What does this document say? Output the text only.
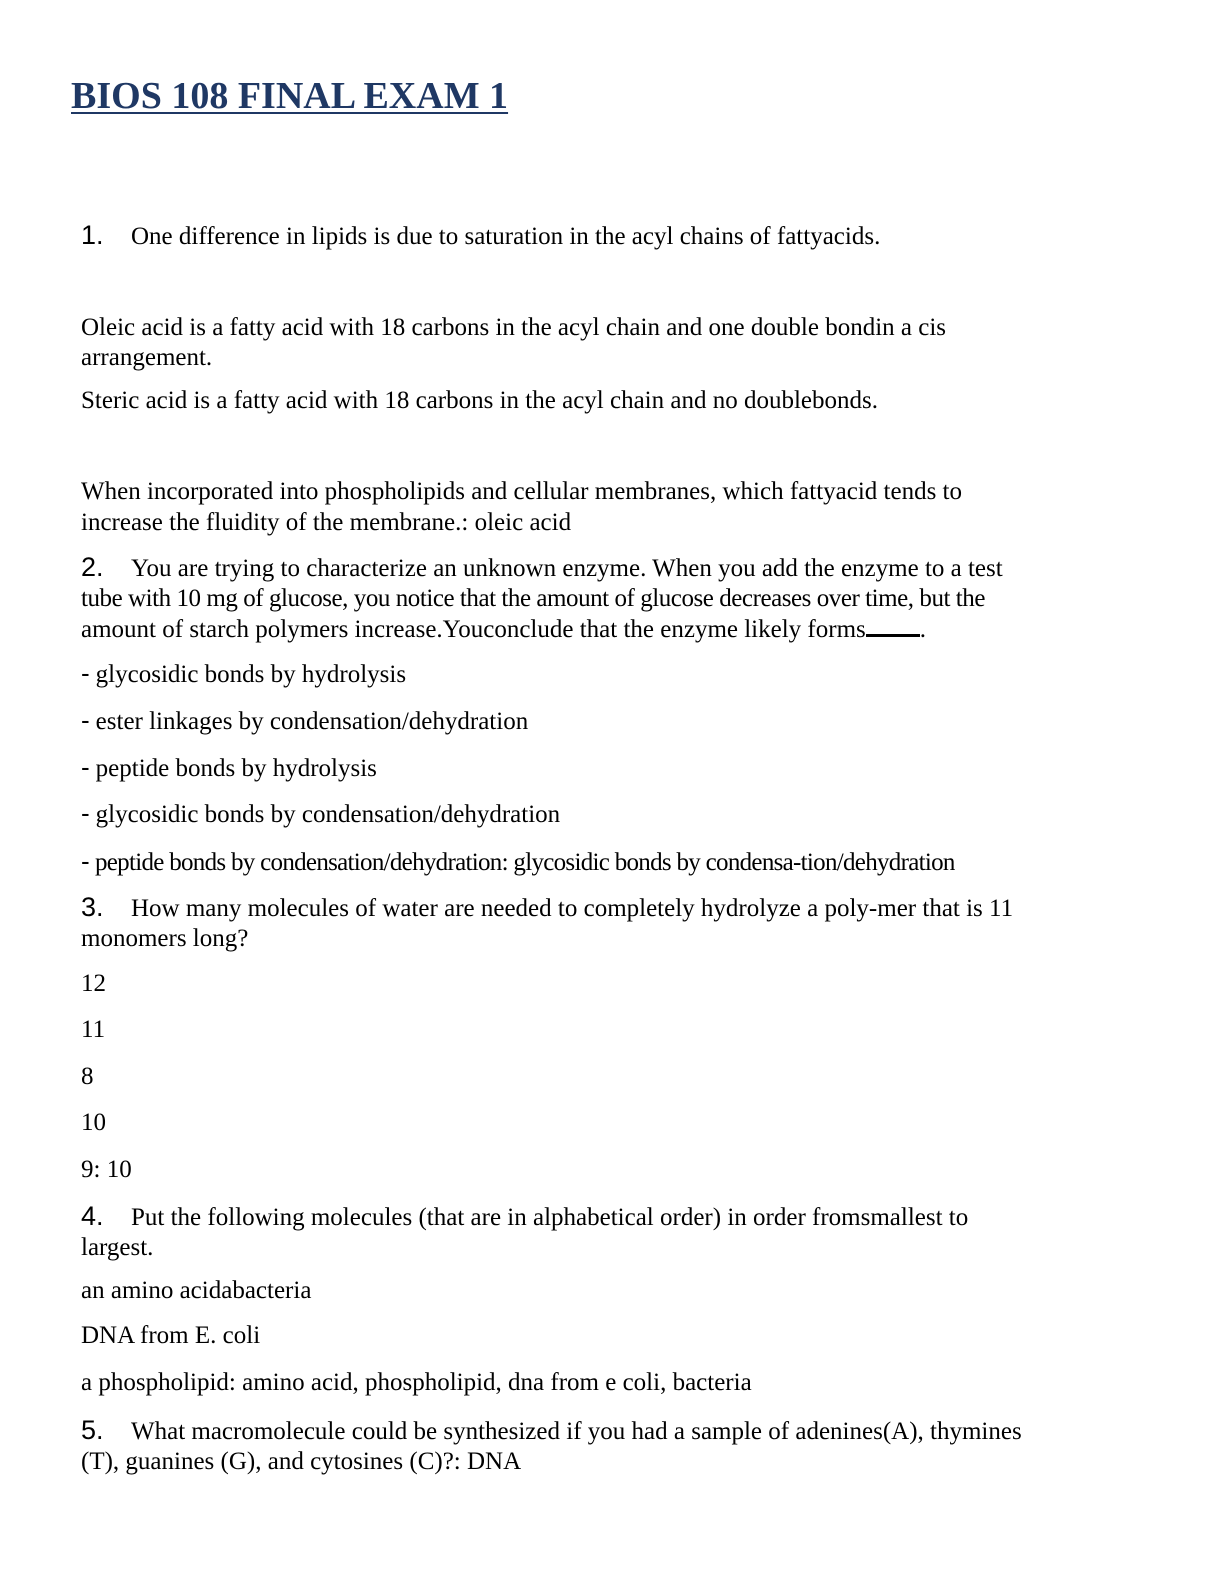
BIOS 108 FINAL EXAM 1

1. One difference in lipids is due to saturation in the acyl chains of fattyacids.

Oleic acid is a fatty acid with 18 carbons in the acyl chain and one double bondin a cis

arrangement.

Steric acid is a fatty acid with 18 carbons in the acyl chain and no doublebonds.

When incorporated into phospholipids and cellular membranes, which fattyacid tends to

increase the fluidity of the membrane.: oleic acid

2. You are trying to characterize an unknown enzyme. When you add the enzyme to a test

tube with 10 mg of glucose, you notice that the amount of glucose decreases over time, but the

amount of starch polymers increase.Youconclude that the enzyme likely forms .

- glycosidic bonds by hydrolysis

- ester linkages by condensation/dehydration

- peptide bonds by hydrolysis

- glycosidic bonds by condensation/dehydration

- peptide bonds by condensation/dehydration: glycosidic bonds by condensa-tion/dehydration

3. How many molecules of water are needed to completely hydrolyze a poly-mer that is 11

monomers long?

12

11

8

10

9: 10

4. Put the following molecules (that are in alphabetical order) in order fromsmallest to

largest.

an amino acidabacteria

DNA from E. coli

a phospholipid: amino acid, phospholipid, dna from e coli, bacteria

5. What macromolecule could be synthesized if you had a sample of adenines(A), thymines

(T), guanines (G), and cytosines (C)?: DNA
